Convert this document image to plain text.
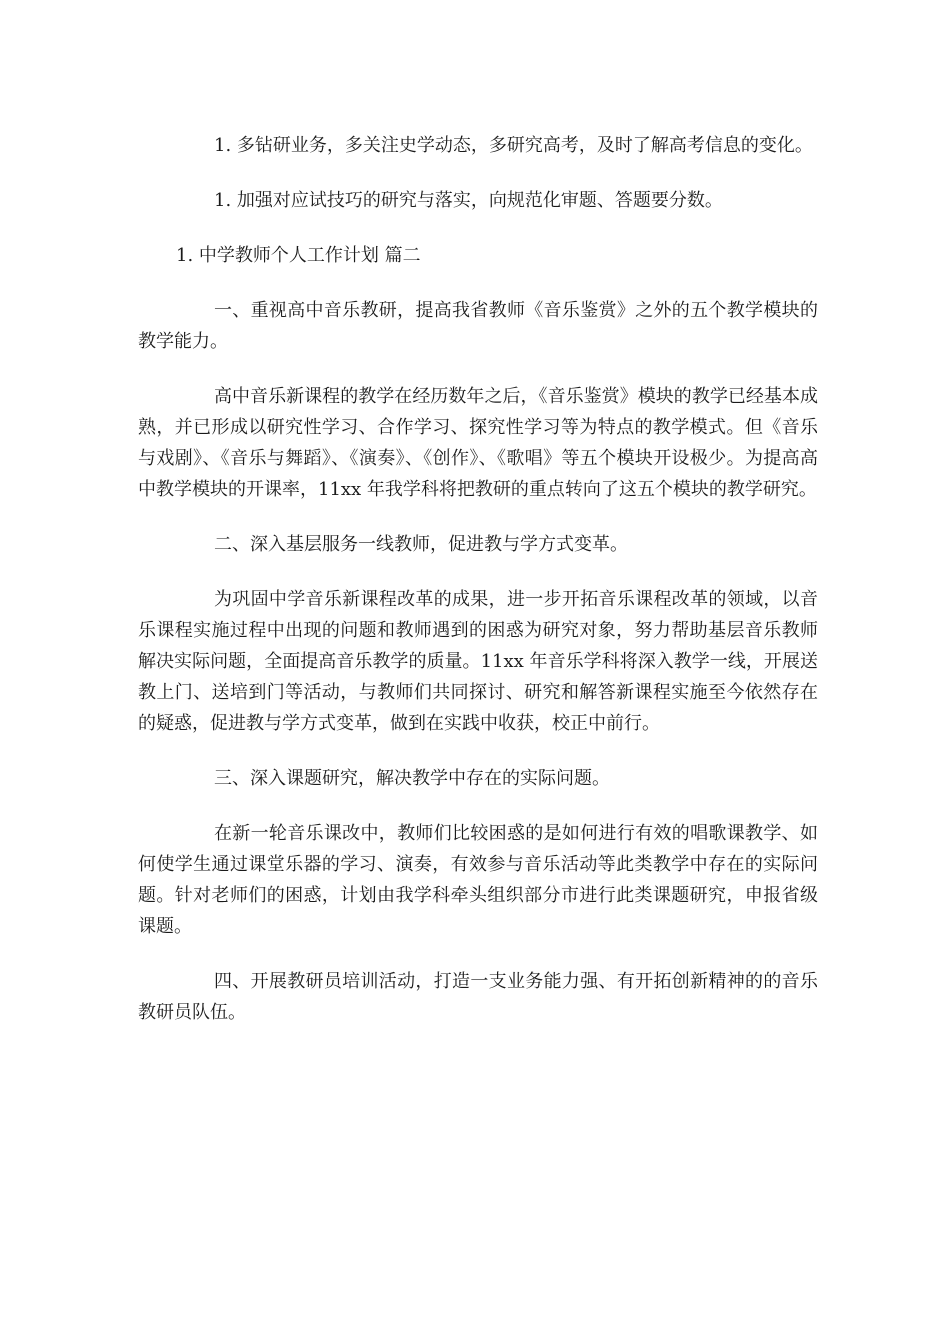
1. 多钻研业务，多关注史学动态，多研究高考，及时了解高考信息的变化。

1. 加强对应试技巧的研究与落实，向规范化审题、答题要分数。

1. 中学教师个人工作计划 篇二

一、重视高中音乐教研，提高我省教师《音乐鉴赏》之外的五个教学模块的教学能力。

高中音乐新课程的教学在经历数年之后，《音乐鉴赏》模块的教学已经基本成熟，并已形成以研究性学习、合作学习、探究性学习等为特点的教学模式。但《音乐与戏剧》、《音乐与舞蹈》、《演奏》、《创作》、《歌唱》等五个模块开设极少。为提高高中教学模块的开课率，11xx 年我学科将把教研的重点转向了这五个模块的教学研究。

二、深入基层服务一线教师，促进教与学方式变革。

为巩固中学音乐新课程改革的成果，进一步开拓音乐课程改革的领域，以音乐课程实施过程中出现的问题和教师遇到的困惑为研究对象，努力帮助基层音乐教师解决实际问题，全面提高音乐教学的质量。11xx 年音乐学科将深入教学一线，开展送教上门、送培到门等活动，与教师们共同探讨、研究和解答新课程实施至今依然存在的疑惑，促进教与学方式变革，做到在实践中收获，校正中前行。

三、深入课题研究，解决教学中存在的实际问题。

在新一轮音乐课改中，教师们比较困惑的是如何进行有效的唱歌课教学、如何使学生通过课堂乐器的学习、演奏，有效参与音乐活动等此类教学中存在的实际问题。针对老师们的困惑，计划由我学科牵头组织部分市进行此类课题研究，申报省级课题。

四、开展教研员培训活动，打造一支业务能力强、有开拓创新精神的的音乐教研员队伍。
